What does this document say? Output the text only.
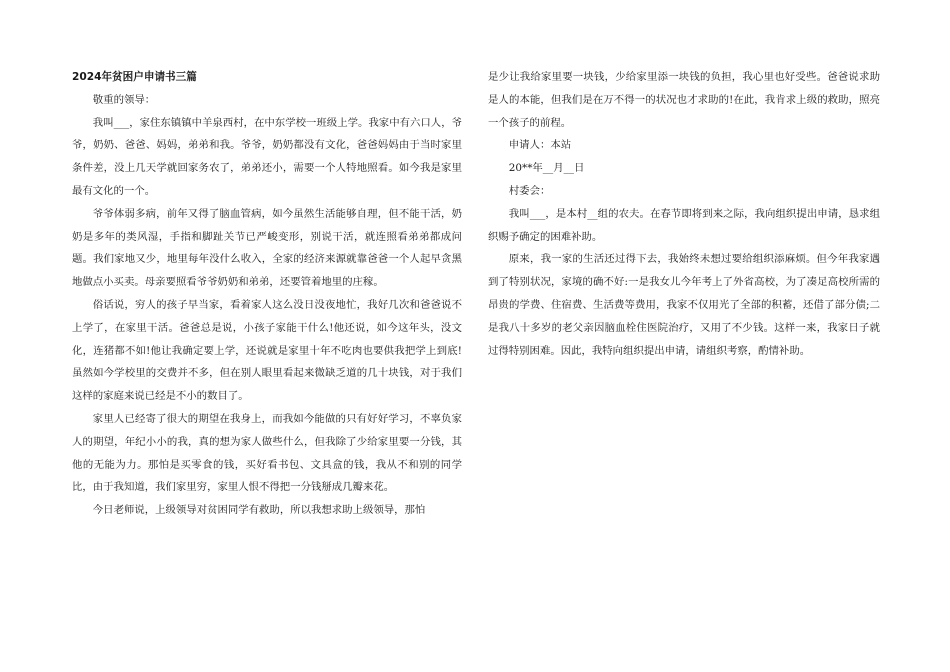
2024年贫困户申请书三篇

敬重的领导：

我叫___，家住东镇镇中羊泉西村，在中东学校一班级上学。我家中有六口人，爷爷，奶奶、爸爸、妈妈，弟弟和我。爷爷，奶奶都没有文化，爸爸妈妈由于当时家里条件差，没上几天学就回家务农了，弟弟还小，需要一个人特地照看。如今我是家里最有文化的一个。

爷爷体弱多病，前年又得了脑血管病，如今虽然生活能够自理，但不能干活，奶奶是多年的类风湿，手指和脚趾关节已严峻变形，别说干活，就连照看弟弟都成问题。我们家地又少，地里每年没什么收入，全家的经济来源就靠爸爸一个人起早贪黑地做点小买卖。母亲要照看爷爷奶奶和弟弟，还要管着地里的庄稼。

俗话说，穷人的孩子早当家，看着家人这么没日没夜地忙，我好几次和爸爸说不上学了，在家里干活。爸爸总是说，小孩子家能干什么!他还说，如今这年头，没文化，连猪都不如!他让我确定要上学，还说就是家里十年不吃肉也要供我把学上到底!虽然如今学校里的交费并不多，但在别人眼里看起来微缺乏道的几十块钱，对于我们这样的家庭来说已经是不小的数目了。

家里人已经寄了很大的期望在我身上，而我如今能做的只有好好学习，不辜负家人的期望，年纪小小的我，真的想为家人做些什么，但我除了少给家里要一分钱，其他的无能为力。那怕是买零食的钱，买好看书包、文具盒的钱，我从不和别的同学比，由于我知道，我们家里穷，家里人恨不得把一分钱掰成几瓣来花。

今日老师说，上级领导对贫困同学有救助，所以我想求助上级领导，那怕

是少让我给家里要一块钱，少给家里添一块钱的负担，我心里也好受些。爸爸说求助是人的本能，但我们是在万不得一的状况也才求助的!在此，我肯求上级的救助，照亮一个孩子的前程。

申请人：本站

20**年__月__日

村委会：

我叫___，是本村__组的农夫。在春节即将到来之际，我向组织提出申请，恳求组织赐予确定的困难补助。

原来，我一家的生活还过得下去，我始终未想过要给组织添麻烦。但今年我家遇到了特别状况，家境的确不好:一是我女儿今年考上了外省高校，为了凑足高校所需的昂贵的学费、住宿费、生活费等费用，我家不仅用光了全部的积蓄，还借了部分债;二是我八十多岁的老父亲因脑血栓住医院治疗，又用了不少钱。这样一来，我家日子就过得特别困难。因此，我特向组织提出申请，请组织考察，酌情补助。
